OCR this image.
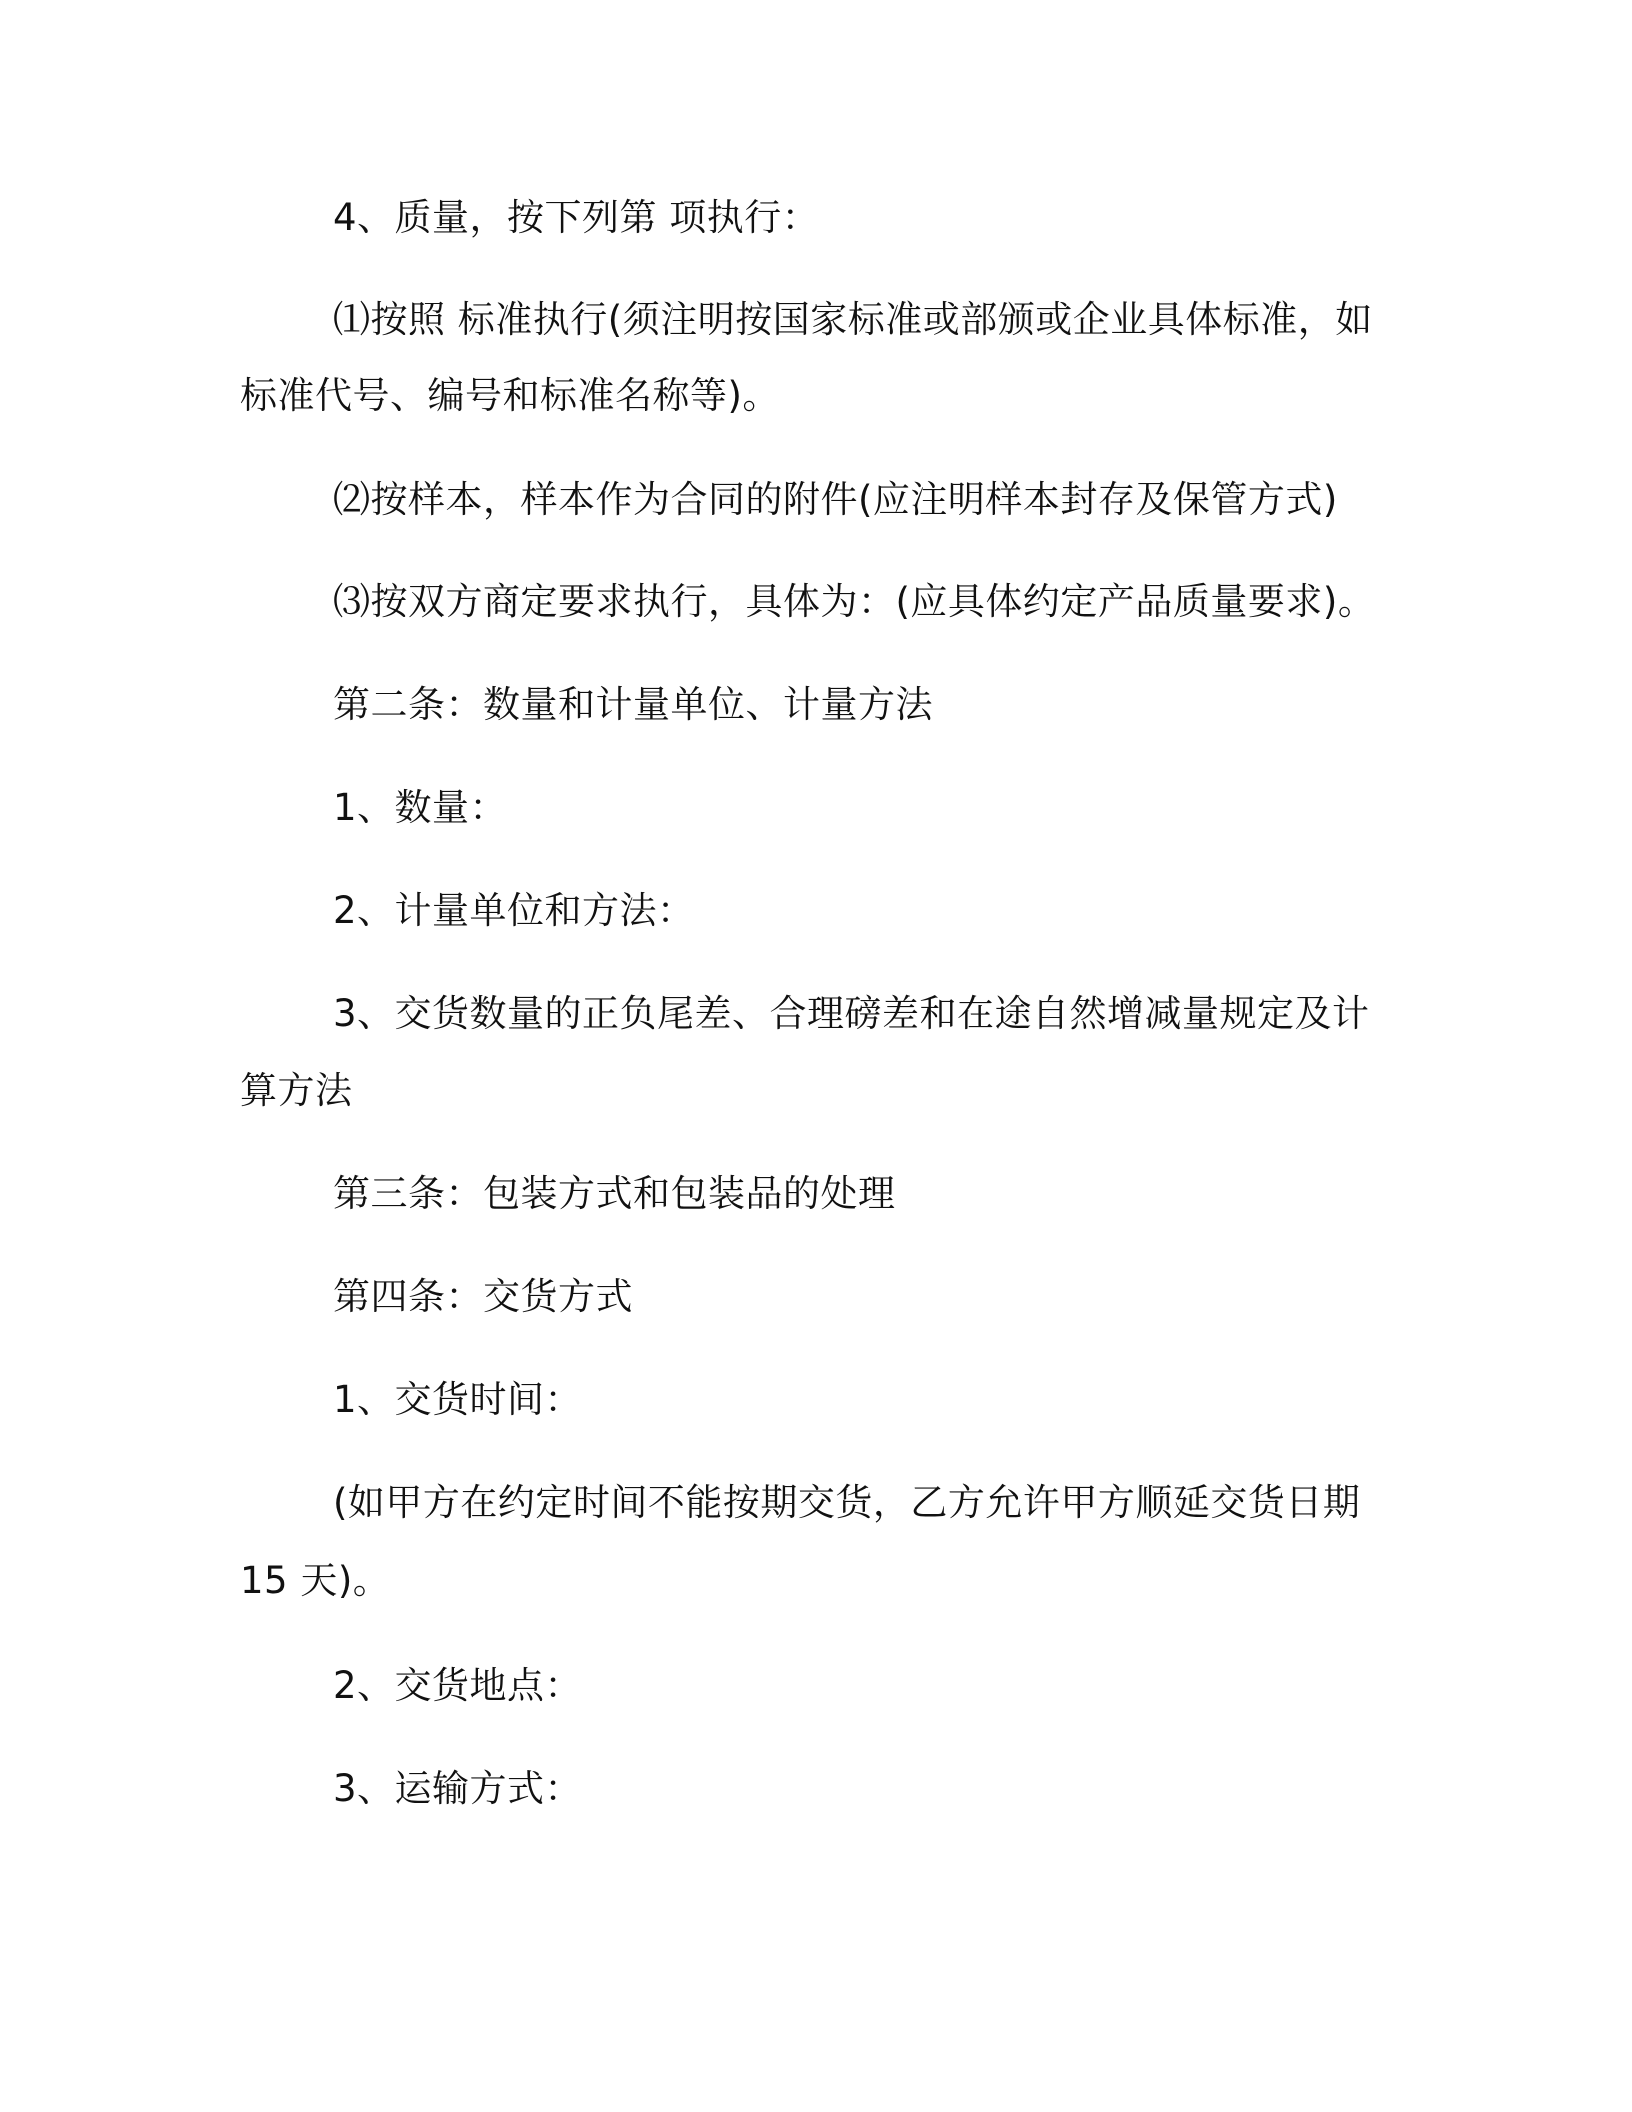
4、质量，按下列第 项执行：
⑴按照 标准执行(须注明按国家标准或部颁或企业具体标准，如
标准代号、编号和标准名称等)。
⑵按样本，样本作为合同的附件(应注明样本封存及保管方式)
⑶按双方商定要求执行，具体为：(应具体约定产品质量要求)。
第二条：数量和计量单位、计量方法
1、数量：
2、计量单位和方法：
3、交货数量的正负尾差、合理磅差和在途自然增减量规定及计
算方法
第三条：包装方式和包装品的处理
第四条：交货方式
1、交货时间：
(如甲方在约定时间不能按期交货，乙方允许甲方顺延交货日期
15 天)。
2、交货地点：
3、运输方式：
